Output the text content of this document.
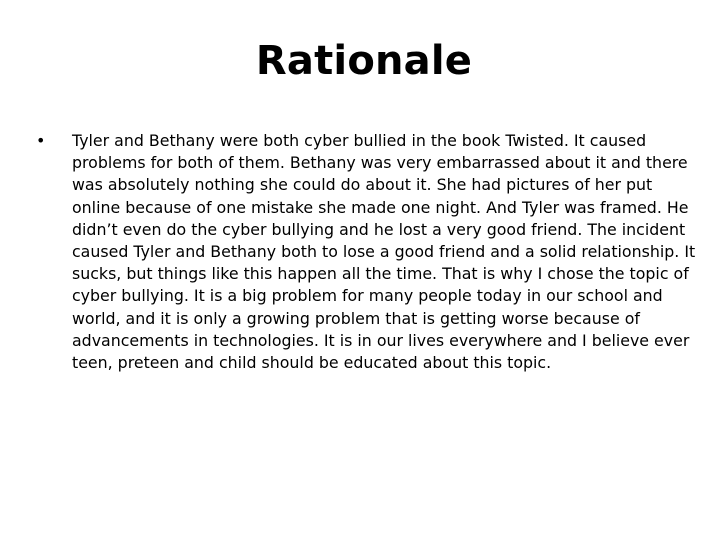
Rationale
• Tyler and Bethany were both cyber bullied in the book Twisted. It caused problems for both of them. Bethany was very embarrassed about it and there was absolutely nothing she could do about it. She had pictures of her put online because of one mistake she made one night. And Tyler was framed. He didn’t even do the cyber bullying and he lost a very good friend. The incident caused Tyler and Bethany both to lose a good friend and a solid relationship. It sucks, but things like this happen all the time. That is why I chose the topic of cyber bullying. It is a big problem for many people today in our school and world, and it is only a growing problem that is getting worse because of advancements in technologies. It is in our lives everywhere and I believe ever teen, preteen and child should be educated about this topic.
